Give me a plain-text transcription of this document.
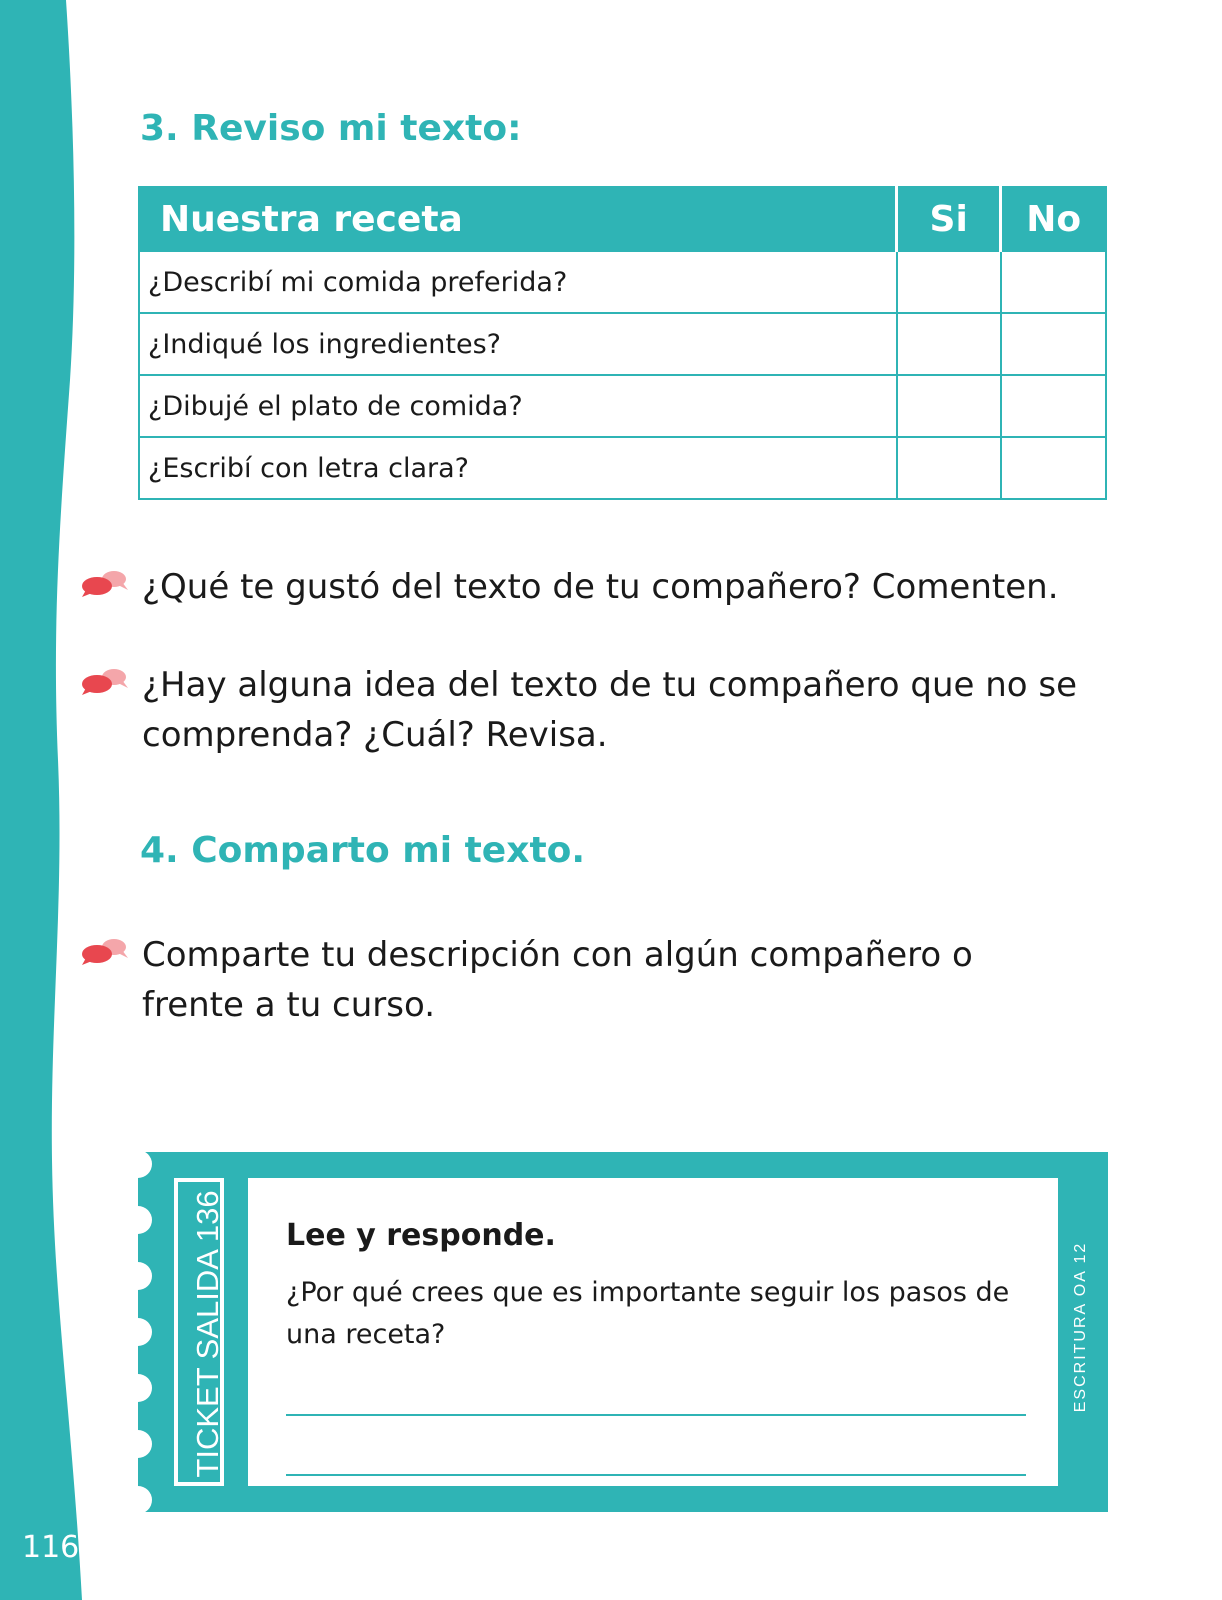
116
3. Reviso mi texto:
Nuestra receta	Si	No
¿Describí mi comida preferida?		
¿Indiqué los ingredientes?		
¿Dibujé el plato de comida?		
¿Escribí con letra clara?		

¿Qué te gustó del texto de tu compañero? Comenten.

¿Hay alguna idea del texto de tu compañero que no se comprenda? ¿Cuál? Revisa.

4. Comparto mi texto.

Comparte tu descripción con algún compañero o frente a tu curso.

TICKET SALIDA 136 Lee y responde.

¿Por qué crees que es importante seguir los pasos de una receta?	ESCRITURA OA 12
